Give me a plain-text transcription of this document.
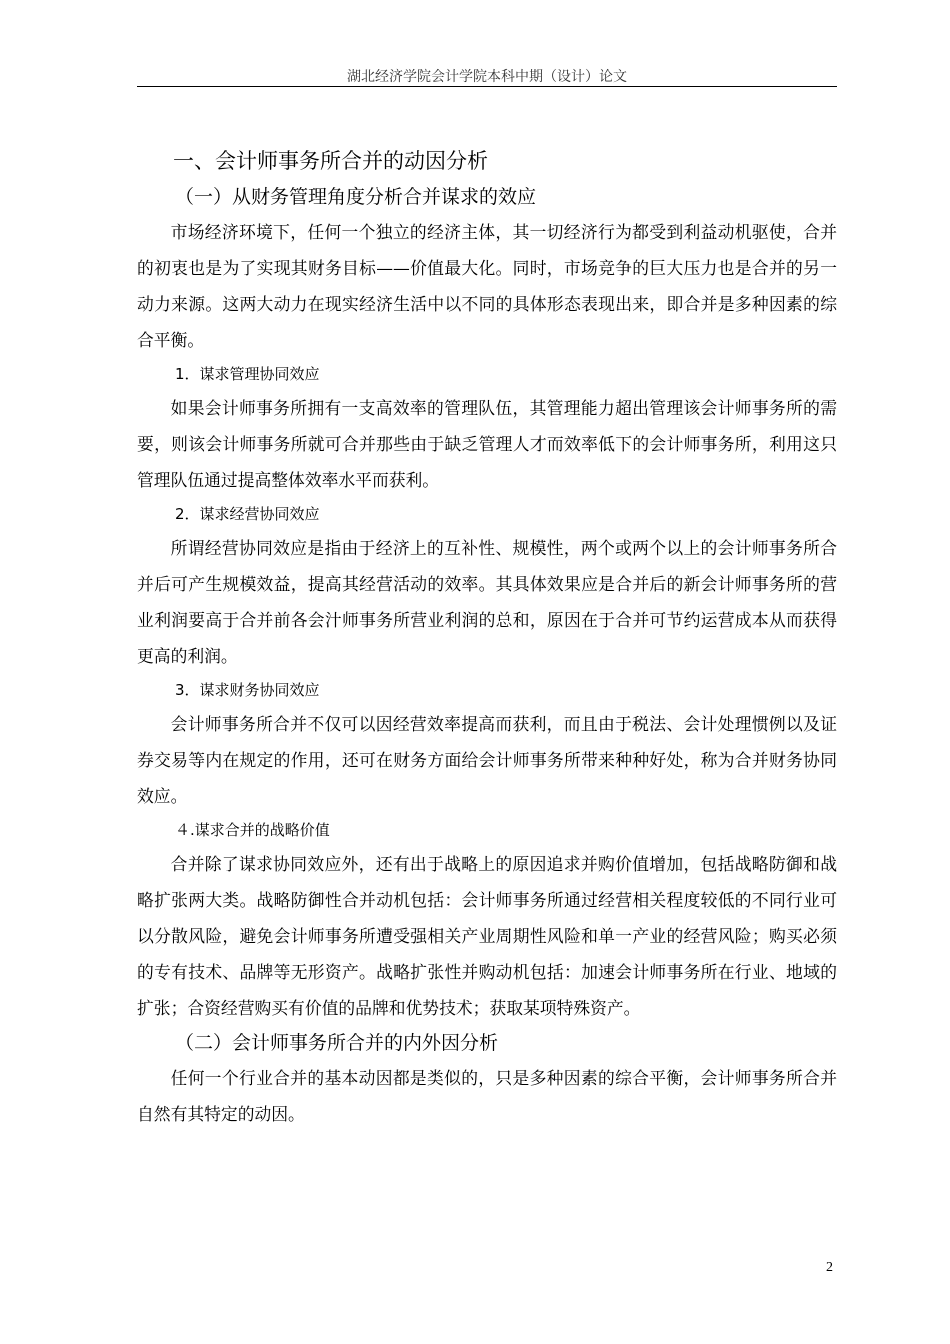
湖北经济学院会计学院本科中期（设计）论文
一、会计师事务所合并的动因分析
（一）从财务管理角度分析合并谋求的效应

市场经济环境下，任何一个独立的经济主体，其一切经济行为都受到利益动机驱使，合并的初衷也是为了实现其财务目标——价值最大化。同时，市场竞争的巨大压力也是合并的另一动力来源。这两大动力在现实经济生活中以不同的具体形态表现出来，即合并是多种因素的综合平衡。

1．谋求管理协同效应

如果会计师事务所拥有一支高效率的管理队伍，其管理能力超出管理该会计师事务所的需要，则该会计师事务所就可合并那些由于缺乏管理人才而效率低下的会计师事务所，利用这只管理队伍通过提高整体效率水平而获利。

2．谋求经营协同效应

所谓经营协同效应是指由于经济上的互补性、规模性，两个或两个以上的会计师事务所合并后可产生规模效益，提高其经营活动的效率。其具体效果应是合并后的新会计师事务所的营业利润要高于合并前各会汁师事务所营业利润的总和，原因在于合并可节约运营成本从而获得更高的利润。

3．谋求财务协同效应

会计师事务所合并不仅可以因经营效率提高而获利，而且由于税法、会计处理惯例以及证券交易等内在规定的作用，还可在财务方面给会计师事务所带来种种好处，称为合并财务协同效应。

４.谋求合并的战略价值

合并除了谋求协同效应外，还有出于战略上的原因追求并购价值增加，包括战略防御和战略扩张两大类。战略防御性合并动机包括：会计师事务所通过经营相关程度较低的不同行业可以分散风险，避免会计师事务所遭受强相关产业周期性风险和单一产业的经营风险；购买必须的专有技术、品牌等无形资产。战略扩张性并购动机包括：加速会计师事务所在行业、地域的扩张；合资经营购买有价值的品牌和优势技术；获取某项特殊资产。

（二）会计师事务所合并的内外因分析

任何一个行业合并的基本动因都是类似的，只是多种因素的综合平衡，会计师事务所合并自然有其特定的动因。

2
